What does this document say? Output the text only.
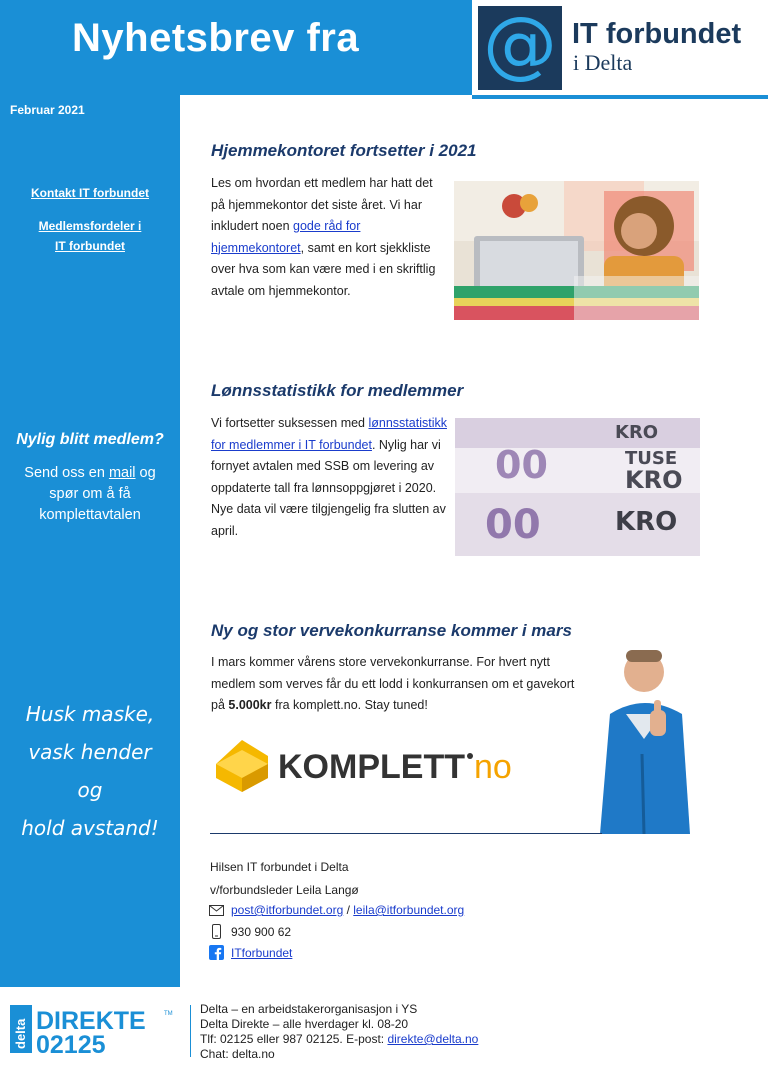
Nyhetsbrev fra @ IT forbundet
i Delta
Februar 2021
Kontakt IT forbundet
Medlemsfordeler i
IT forbundet
Nylig blitt medlem?
Send oss en mail og spør om å få komplettavtalen
Husk maske,
vask hender
og
hold avstand!
Hjemmekontoret fortsetter i 2021
Les om hvordan ett medlem har hatt det på hjemmekontor det siste året. Vi har inkludert noen gode råd for hjemmekontoret, samt en kort sjekkliste over hva som kan være med i en skriftlig avtale om hjemmekontor.
Lønnsstatistikk for medlemmer
Vi fortsetter suksessen med lønnsstatistikk for medlemmer i IT forbundet. Nylig har vi fornyet avtalen med SSB om levering av oppdaterte tall fra lønnsoppgjøret i 2020. Nye data vil være tilgjengelig fra slutten av april.
00
00
KRO
TUSE
KRO
KRO
Ny og stor vervekonkurranse kommer i mars
I mars kommer vårens store vervekonkurranse. For hvert nytt medlem som verves får du ett lodd i konkurransen om et gavekort på 5.000kr fra komplett.no. Stay tuned!
KOMPLETT no
Hilsen IT forbundet i Delta
v/forbundsleder Leila Langø
post@itforbundet.org / leila@itforbundet.org
930 900 62
ITforbundet
delta DIREKTE	TM
02125
Delta – en arbeidstakerorganisasjon i YS
Delta Direkte – alle hverdager kl. 08-20
Tlf: 02125 eller 987 02125. E-post: direkte@delta.no
Chat: delta.no
